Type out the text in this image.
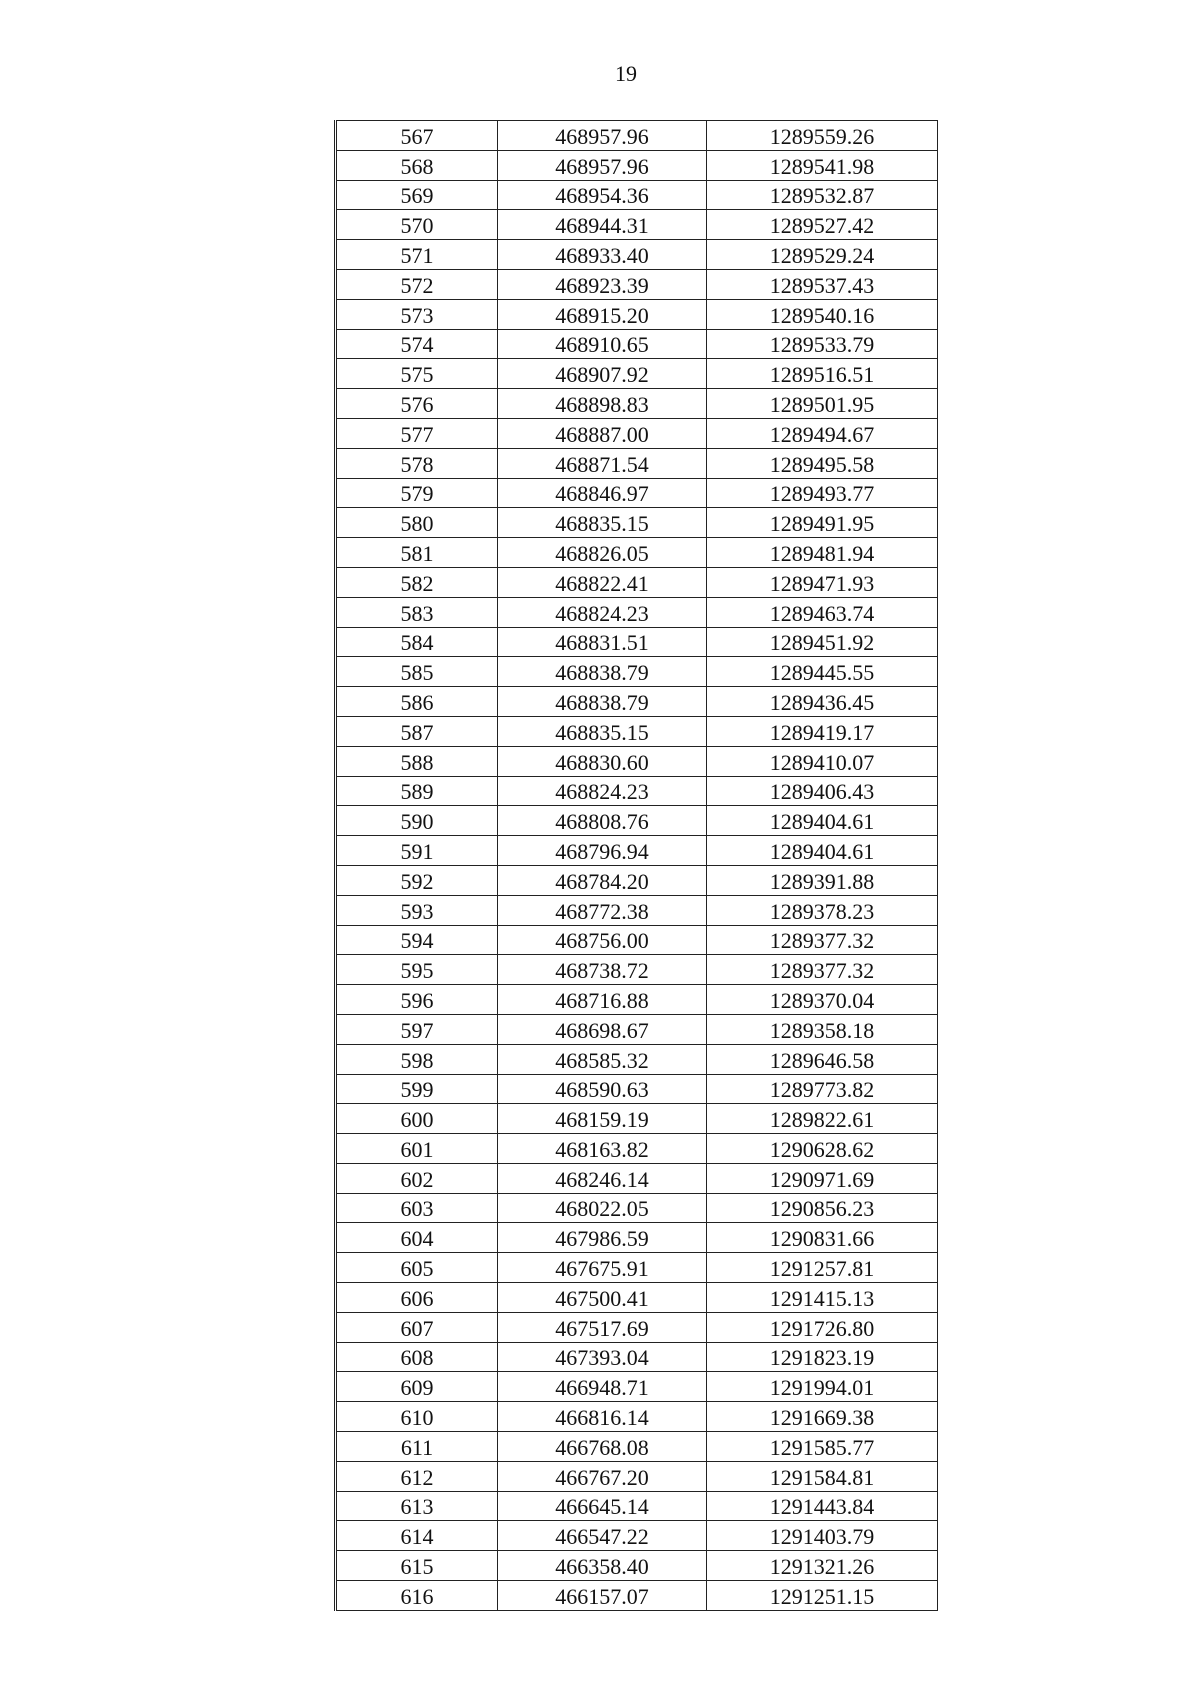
19
567	468957.96	1289559.26
568	468957.96	1289541.98
569	468954.36	1289532.87
570	468944.31	1289527.42
571	468933.40	1289529.24
572	468923.39	1289537.43
573	468915.20	1289540.16
574	468910.65	1289533.79
575	468907.92	1289516.51
576	468898.83	1289501.95
577	468887.00	1289494.67
578	468871.54	1289495.58
579	468846.97	1289493.77
580	468835.15	1289491.95
581	468826.05	1289481.94
582	468822.41	1289471.93
583	468824.23	1289463.74
584	468831.51	1289451.92
585	468838.79	1289445.55
586	468838.79	1289436.45
587	468835.15	1289419.17
588	468830.60	1289410.07
589	468824.23	1289406.43
590	468808.76	1289404.61
591	468796.94	1289404.61
592	468784.20	1289391.88
593	468772.38	1289378.23
594	468756.00	1289377.32
595	468738.72	1289377.32
596	468716.88	1289370.04
597	468698.67	1289358.18
598	468585.32	1289646.58
599	468590.63	1289773.82
600	468159.19	1289822.61
601	468163.82	1290628.62
602	468246.14	1290971.69
603	468022.05	1290856.23
604	467986.59	1290831.66
605	467675.91	1291257.81
606	467500.41	1291415.13
607	467517.69	1291726.80
608	467393.04	1291823.19
609	466948.71	1291994.01
610	466816.14	1291669.38
611	466768.08	1291585.77
612	466767.20	1291584.81
613	466645.14	1291443.84
614	466547.22	1291403.79
615	466358.40	1291321.26
616	466157.07	1291251.15
